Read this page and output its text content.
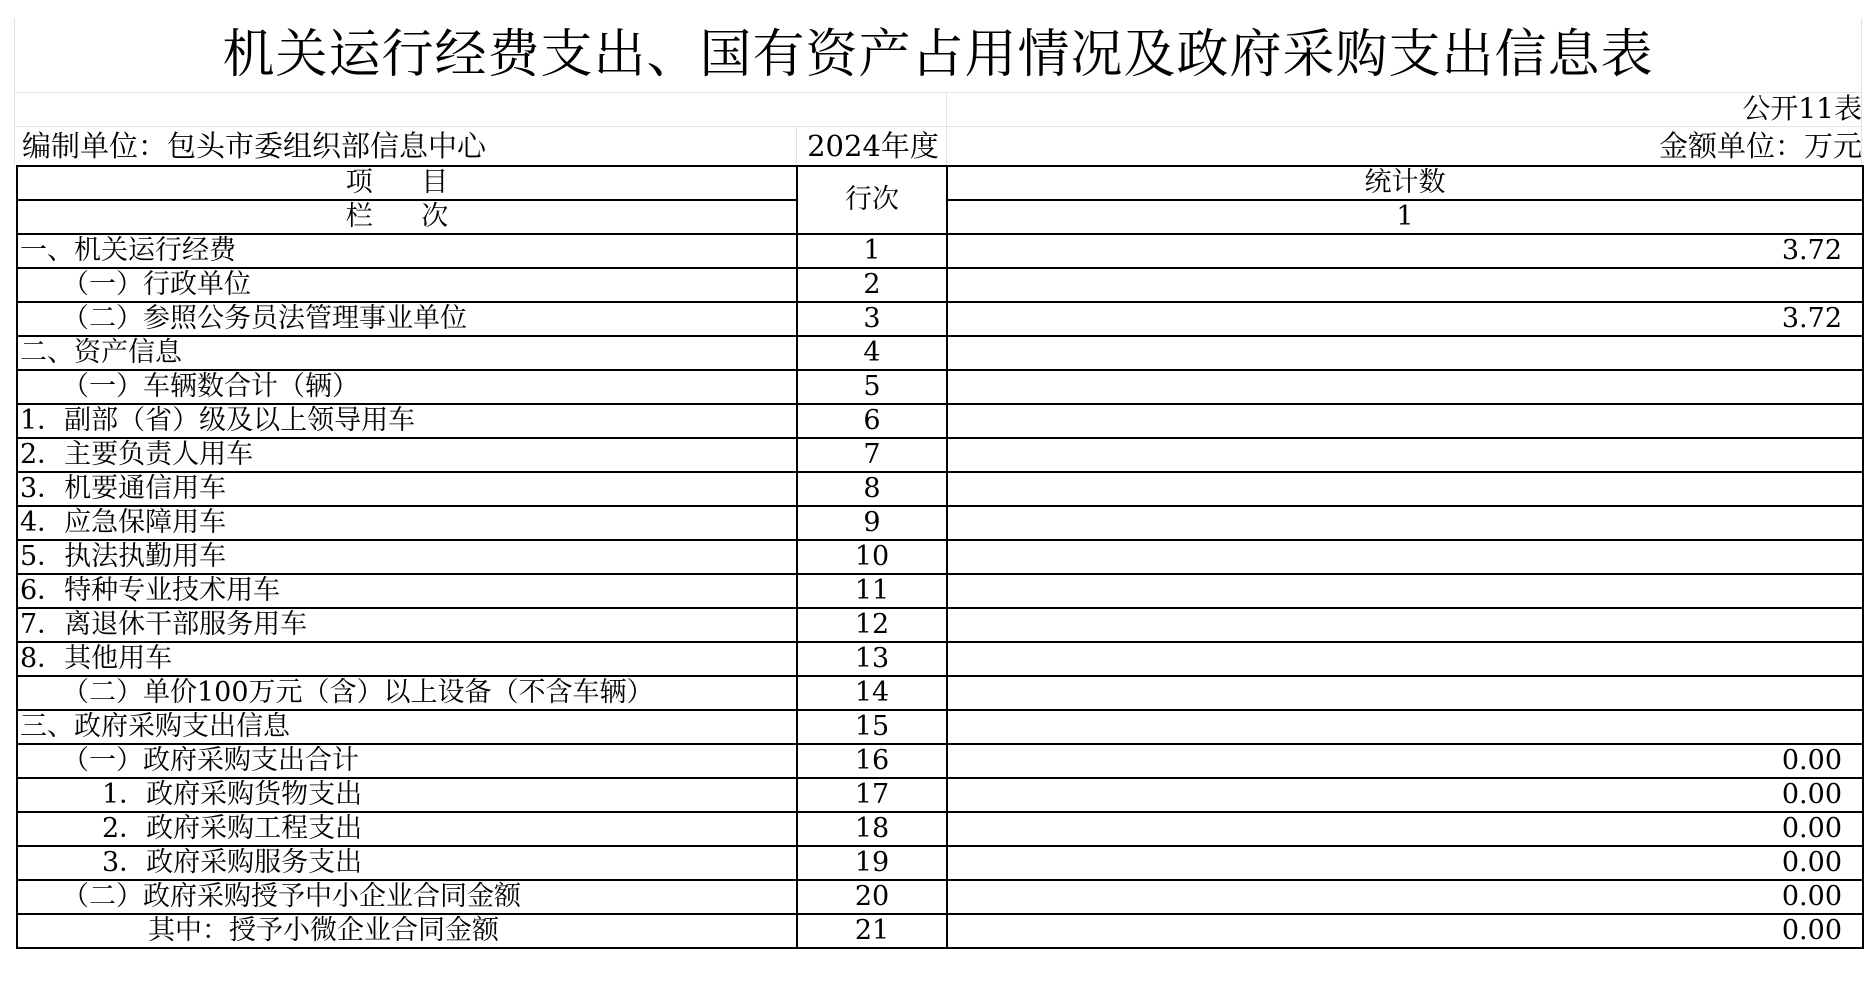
机关运行经费支出、国有资产占用情况及政府采购支出信息表
公开11表
编制单位：包头市委组织部信息中心	2024年度	金额单位：万元
项 目	行次	统计数
栏 次		1
一、机关运行经费	1	3.72
（一）行政单位	2	
（二）参照公务员法管理事业单位	3	3.72
二、资产信息	4	
（一）车辆数合计（辆）	5	
1．副部（省）级及以上领导用车	6	
2．主要负责人用车	7	
3．机要通信用车	8	
4．应急保障用车	9	
5．执法执勤用车	10	
6．特种专业技术用车	11	
7．离退休干部服务用车	12	
8．其他用车	13	
（二）单价100万元（含）以上设备（不含车辆）	14	
三、政府采购支出信息	15	
（一）政府采购支出合计	16	0.00
1．政府采购货物支出	17	0.00
2．政府采购工程支出	18	0.00
3．政府采购服务支出	19	0.00
（二）政府采购授予中小企业合同金额	20	0.00
其中：授予小微企业合同金额	21	0.00
